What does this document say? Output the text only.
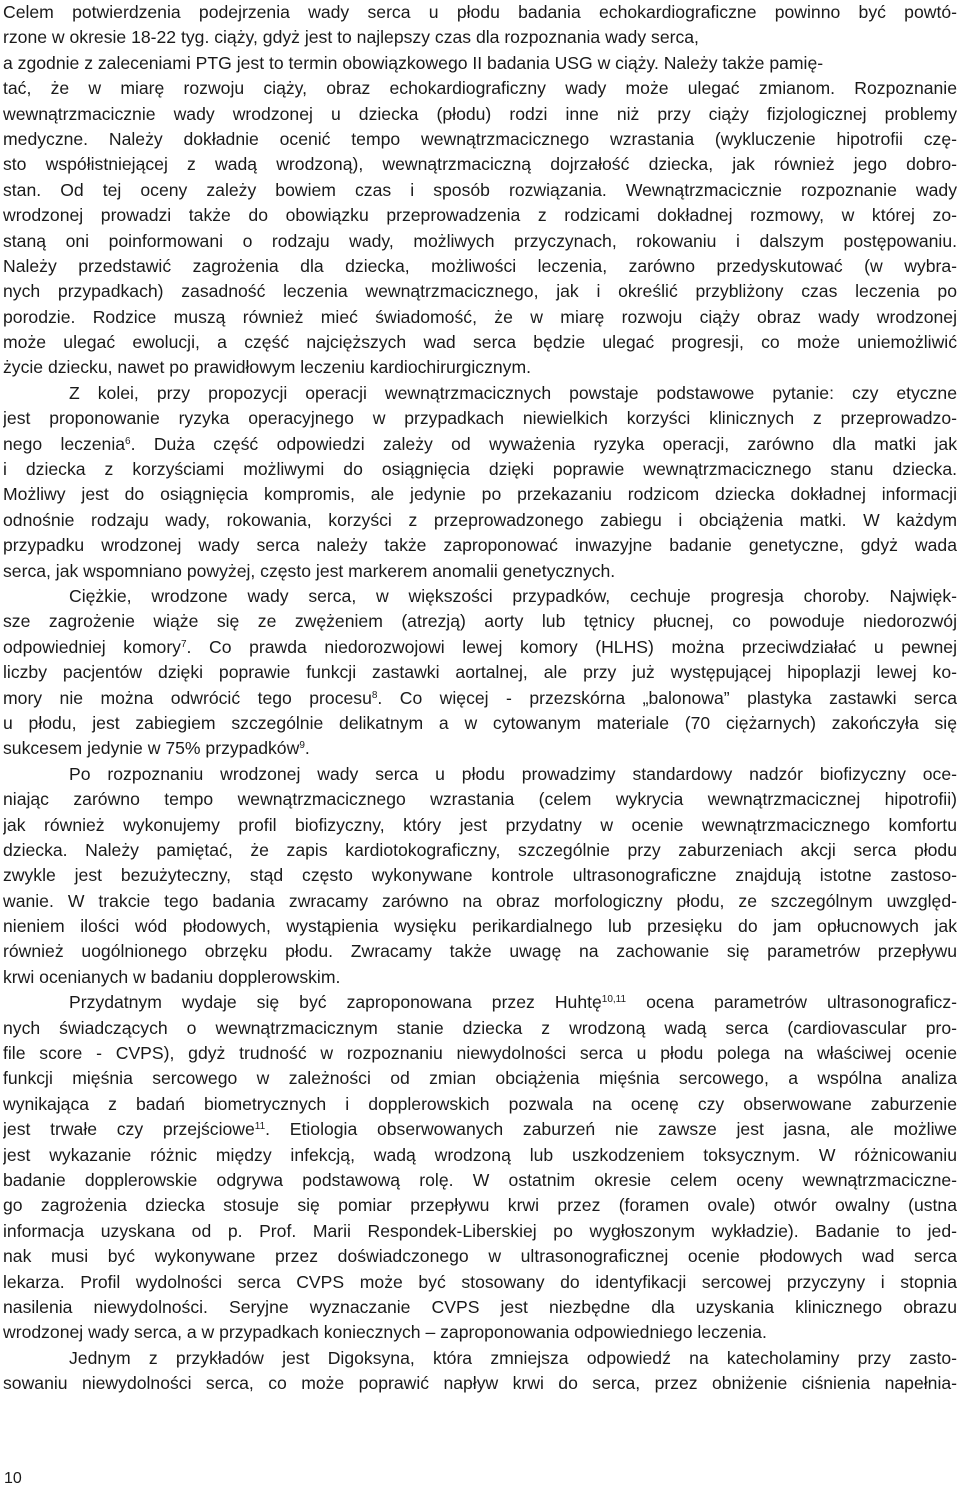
Celem potwierdzenia podejrzenia wady serca u płodu badania echokardiograficzne powinno być powtó-
rzone w okresie 18-22 tyg. ciąży, gdyż jest to najlepszy czas dla rozpoznania wady serca,
a zgodnie z zaleceniami PTG jest to termin obowiązkowego II badania USG w ciąży. Należy także pamię-
tać, że w miarę rozwoju ciąży, obraz echokardiograficzny wady może ulegać zmianom. Rozpoznanie
wewnątrzmacicznie wady wrodzonej u dziecka (płodu) rodzi inne niż przy ciąży fizjologicznej problemy
medyczne. Należy dokładnie ocenić tempo wewnątrzmacicznego wzrastania (wykluczenie hipotrofii czę-
sto współistniejącej z wadą wrodzoną), wewnątrzmaciczną dojrzałość dziecka, jak również jego dobro-
stan. Od tej oceny zależy bowiem czas i sposób rozwiązania. Wewnątrzmacicznie rozpoznanie wady
wrodzonej prowadzi także do obowiązku przeprowadzenia z rodzicami dokładnej rozmowy, w której zo-
staną oni poinformowani o rodzaju wady, możliwych przyczynach, rokowaniu i dalszym postępowaniu.
Należy przedstawić zagrożenia dla dziecka, możliwości leczenia, zarówno przedyskutować (w wybra-
nych przypadkach) zasadność leczenia wewnątrzmacicznego, jak i określić przybliżony czas leczenia po
porodzie. Rodzice muszą również mieć świadomość, że w miarę rozwoju ciąży obraz wady wrodzonej
może ulegać ewolucji, a część najcięższych wad serca będzie ulegać progresji, co może uniemożliwić
życie dziecku, nawet po prawidłowym leczeniu kardiochirurgicznym.
Z kolei, przy propozycji operacji wewnątrzmacicznych powstaje podstawowe pytanie: czy etyczne
jest proponowanie ryzyka operacyjnego w przypadkach niewielkich korzyści klinicznych z przeprowadzo-
nego leczenia$^6$. Duża część odpowiedzi zależy od wyważenia ryzyka operacji, zarówno dla matki jak
i dziecka z korzyściami możliwymi do osiągnięcia dzięki poprawie wewnątrzmacicznego stanu dziecka.
Możliwy jest do osiągnięcia kompromis, ale jedynie po przekazaniu rodzicom dziecka dokładnej informacji
odnośnie rodzaju wady, rokowania, korzyści z przeprowadzonego zabiegu i obciążenia matki. W każdym
przypadku wrodzonej wady serca należy także zaproponować inwazyjne badanie genetyczne, gdyż wada
serca, jak wspomniano powyżej, często jest markerem anomalii genetycznych.
Ciężkie, wrodzone wady serca, w większości przypadków, cechuje progresja choroby. Najwięk-
sze zagrożenie wiąże się ze zwężeniem (atrezją) aorty lub tętnicy płucnej, co powoduje niedorozwój
odpowiedniej komory$^7$. Co prawda niedorozwojowi lewej komory (HLHS) można przeciwdziałać u pewnej
liczby pacjentów dzięki poprawie funkcji zastawki aortalnej, ale przy już występującej hipoplazji lewej ko-
mory nie można odwrócić tego procesu$^8$. Co więcej - przezskórna „balonowa” plastyka zastawki serca
u płodu, jest zabiegiem szczególnie delikatnym a w cytowanym materiale (70 ciężarnych) zakończyła się
sukcesem jedynie w 75% przypadków$^9$.
Po rozpoznaniu wrodzonej wady serca u płodu prowadzimy standardowy nadzór biofizyczny oce-
niając zarówno tempo wewnątrzmacicznego wzrastania (celem wykrycia wewnątrzmacicznej hipotrofii)
jak również wykonujemy profil biofizyczny, który jest przydatny w ocenie wewnątrzmacicznego komfortu
dziecka. Należy pamiętać, że zapis kardiotokograficzny, szczególnie przy zaburzeniach akcji serca płodu
zwykle jest bezużyteczny, stąd często wykonywane kontrole ultrasonograficzne znajdują istotne zastoso-
wanie. W trakcie tego badania zwracamy zarówno na obraz morfologiczny płodu, ze szczególnym uwzględ-
nieniem ilości wód płodowych, wystąpienia wysięku perikardialnego lub przesięku do jam opłucnowych jak
również uogólnionego obrzęku płodu. Zwracamy także uwagę na zachowanie się parametrów przepływu
krwi ocenianych w badaniu dopplerowskim.
Przydatnym wydaje się być zaproponowana przez Huhtę$^{10,11}$ ocena parametrów ultrasonograficz-
nych świadczących o wewnątrzmacicznym stanie dziecka z wrodzoną wadą serca (cardiovascular pro-
file score - CVPS), gdyż trudność w rozpoznaniu niewydolności serca u płodu polega na właściwej ocenie
funkcji mięśnia sercowego w zależności od zmian obciążenia mięśnia sercowego, a wspólna analiza
wynikająca z badań biometrycznych i dopplerowskich pozwala na ocenę czy obserwowane zaburzenie
jest trwałe czy przejściowe$^{11}$. Etiologia obserwowanych zaburzeń nie zawsze jest jasna, ale możliwe
jest wykazanie różnic między infekcją, wadą wrodzoną lub uszkodzeniem toksycznym. W różnicowaniu
badanie dopplerowskie odgrywa podstawową rolę. W ostatnim okresie celem oceny wewnątrzmaciczne-
go zagrożenia dziecka stosuje się pomiar przepływu krwi przez (foramen ovale) otwór owalny (ustna
informacja uzyskana od p. Prof. Marii Respondek-Liberskiej po wygłoszonym wykładzie). Badanie to jed-
nak musi być wykonywane przez doświadczonego w ultrasonograficznej ocenie płodowych wad serca
lekarza. Profil wydolności serca CVPS może być stosowany do identyfikacji sercowej przyczyny i stopnia
nasilenia niewydolności. Seryjne wyznaczanie CVPS jest niezbędne dla uzyskania klinicznego obrazu
wrodzonej wady serca, a w przypadkach koniecznych – zaproponowania odpowiedniego leczenia.
Jednym z przykładów jest Digoksyna, która zmniejsza odpowiedź na katecholaminy przy zasto-
sowaniu niewydolności serca, co może poprawić napływ krwi do serca, przez obniżenie ciśnienia napełnia-
10
